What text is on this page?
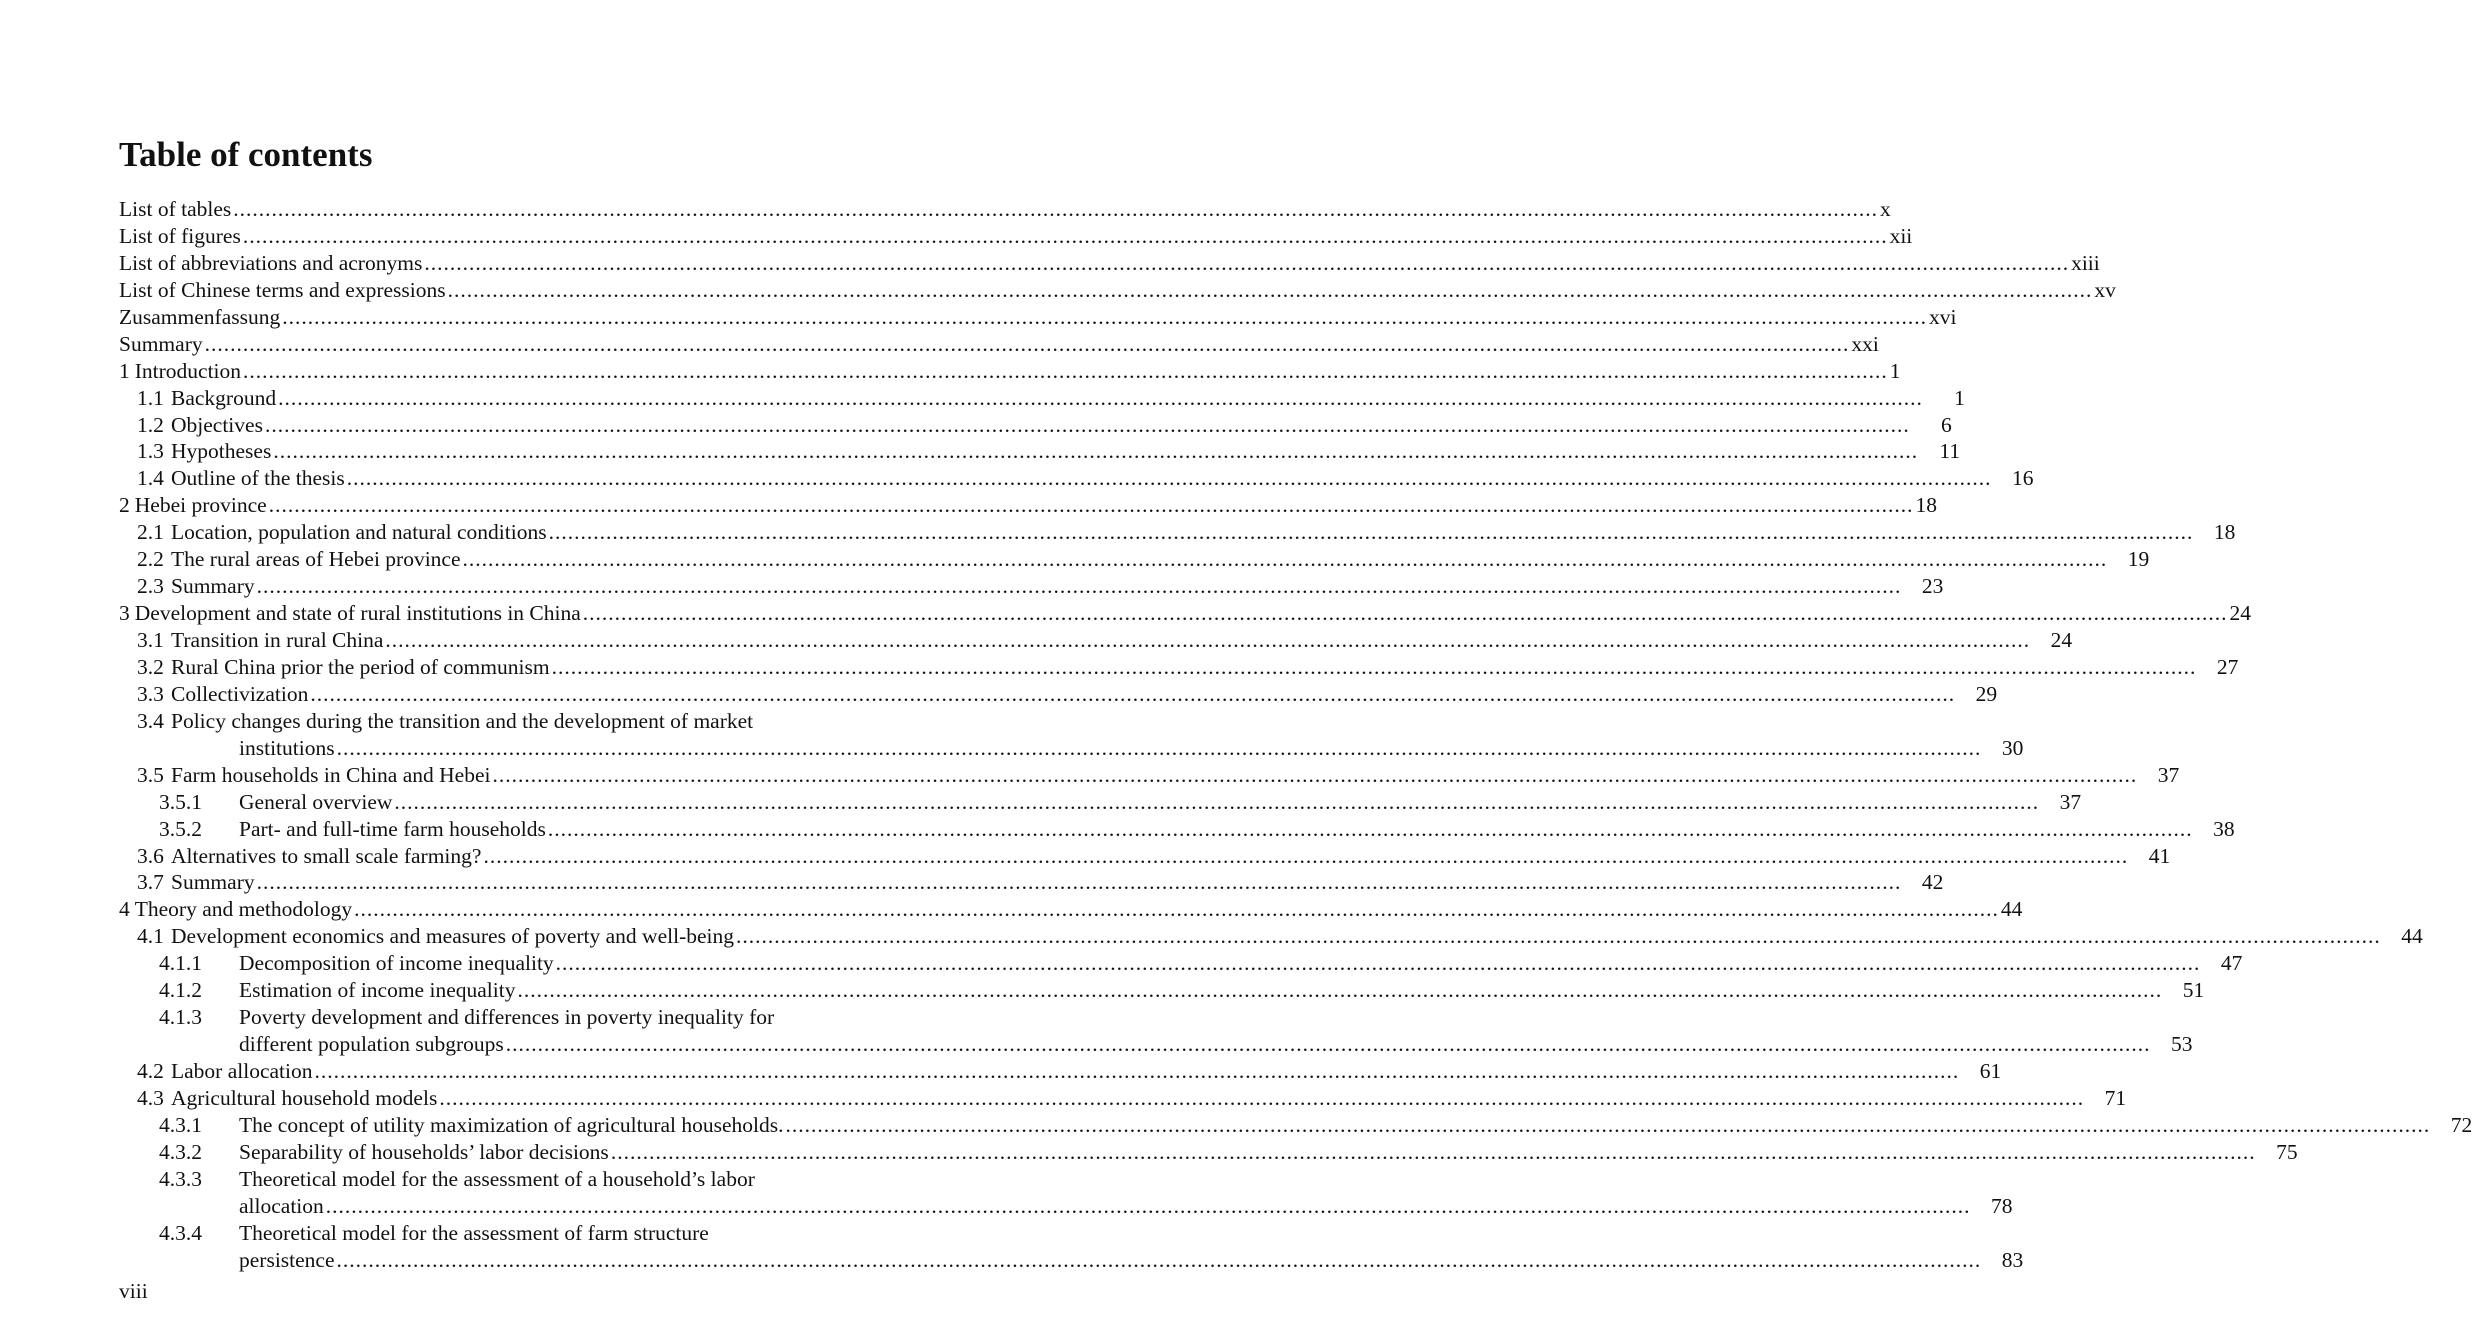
Table of contents
List of tables .....	x
List of figures .....	xii
List of abbreviations and acronyms .....	xiii
List of Chinese terms and expressions .....	xv
Zusammenfassung .....	xvi
Summary .....	xxi
1 Introduction .....	1
1.1 Background .....	1
1.2 Objectives .....	6
1.3 Hypotheses .....	11
1.4 Outline of the thesis .....	16
2 Hebei province .....	18
2.1 Location, population and natural conditions .....	18
2.2 The rural areas of Hebei province .....	19
2.3 Summary .....	23
3 Development and state of rural institutions in China .....	24
3.1 Transition in rural China .....	24
3.2 Rural China prior the period of communism .....	27
3.3 Collectivization .....	29
3.4 Policy changes during the transition and the development of market
institutions .....	30
3.5 Farm households in China and Hebei .....	37
3.5.1	General overview .....	37
3.5.2	Part- and full-time farm households .....	38
3.6 Alternatives to small scale farming? .....	41
3.7 Summary .....	42
4 Theory and methodology .....	44
4.1 Development economics and measures of poverty and well-being .....	44
4.1.1	Decomposition of income inequality .....	47
4.1.2	Estimation of income inequality .....	51
4.1.3	Poverty development and differences in poverty inequality for
different population subgroups .....	53
4.2 Labor allocation .....	61
4.3 Agricultural household models .....	71
4.3.1	The concept of utility maximization of agricultural households. .....	72
4.3.2	Separability of households’ labor decisions .....	75
4.3.3	Theoretical model for the assessment of a household’s labor
allocation .....	78
4.3.4	Theoretical model for the assessment of farm structure
persistence .....	83
viii
